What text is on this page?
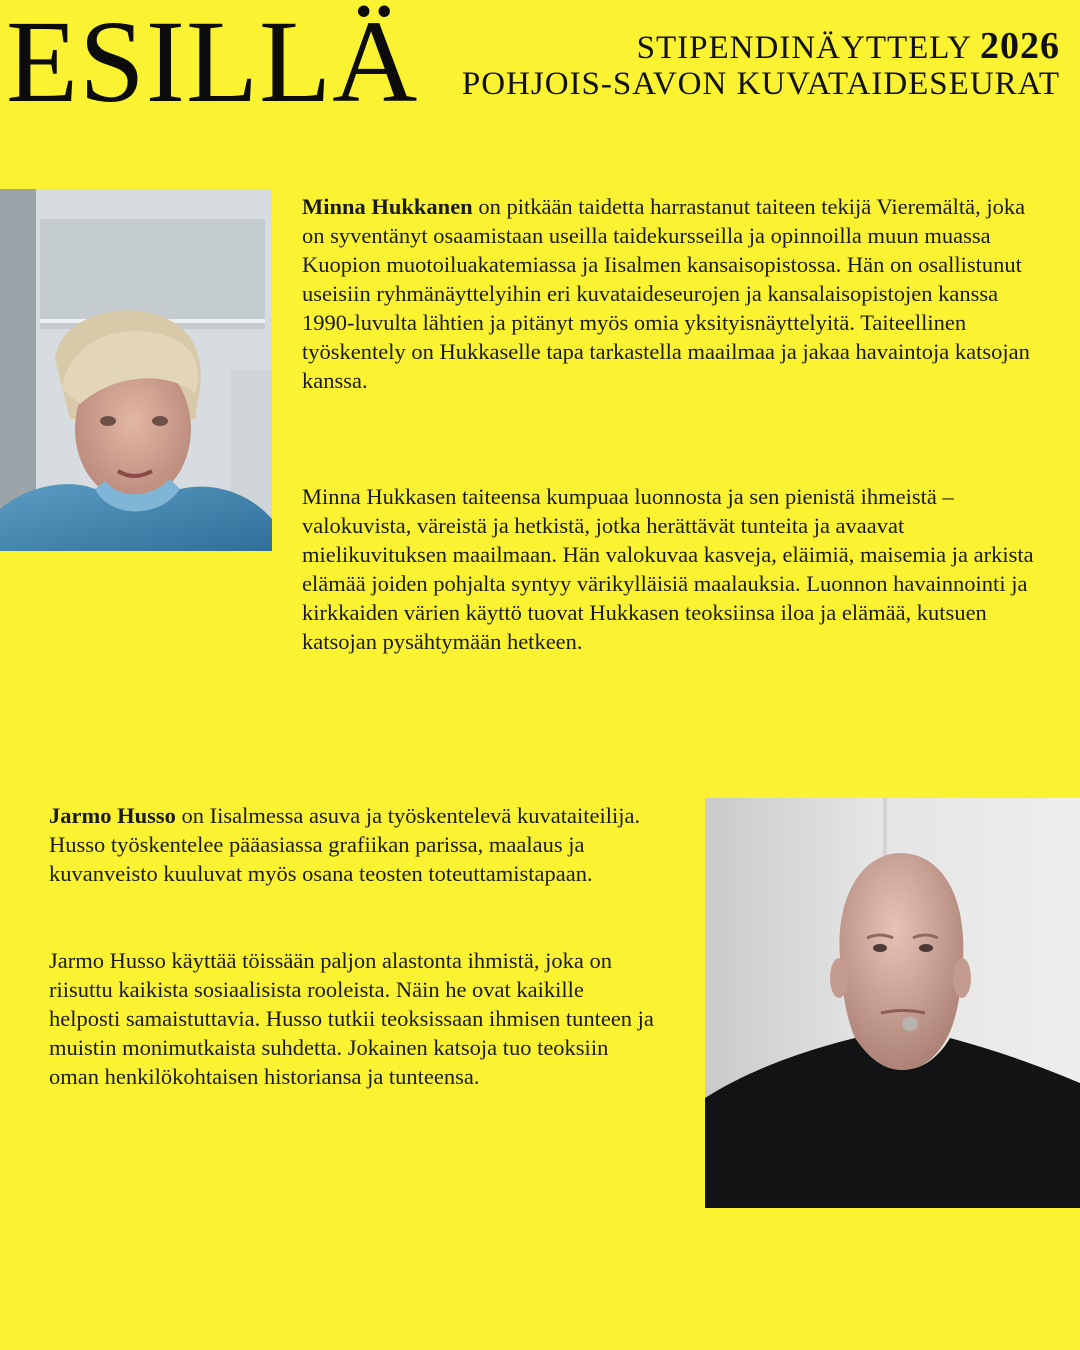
ESILLÄ	STIPENDINÄYTTELY 2026
POHJOIS-SAVON KUVATAIDESEURAT
Minna Hukkanen on pitkään taidetta harrastanut taiteen tekijä Vieremältä, joka on syventänyt osaamistaan useilla taidekursseilla ja opinnoilla muun muassa Kuopion muotoiluakatemiassa ja Iisalmen kansaisopistossa. Hän on osallistunut useisiin ryhmänäyttelyihin eri kuvataideseurojen ja kansalaisopistojen kanssa 1990-luvulta lähtien ja pitänyt myös omia yksityisnäyttelyitä. Taiteellinen työskentely on Hukkaselle tapa tarkastella maailmaa ja jakaa havaintoja katsojan kanssa.
Minna Hukkasen taiteensa kumpuaa luonnosta ja sen pienistä ihmeistä – valokuvista, väreistä ja hetkistä, jotka herättävät tunteita ja avaavat mielikuvituksen maailmaan. Hän valokuvaa kasveja, eläimiä, maisemia ja arkista elämää joiden pohjalta syntyy värikylläisiä maalauksia. Luonnon havainnointi ja kirkkaiden värien käyttö tuovat Hukkasen teoksiinsa iloa ja elämää, kutsuen katsojan pysähtymään hetkeen.
Jarmo Husso on Iisalmessa asuva ja työskentelevä kuvataiteilija. Husso työskentelee pääasiassa grafiikan parissa, maalaus ja kuvanveisto kuuluvat myös osana teosten toteuttamistapaan.
Jarmo Husso käyttää töissään paljon alastonta ihmistä, joka on riisuttu kaikista sosiaalisista rooleista. Näin he ovat kaikille helposti samaistuttavia. Husso tutkii teoksissaan ihmisen tunteen ja muistin monimutkaista suhdetta. Jokainen katsoja tuo teoksiin oman henkilökohtaisen historiansa ja tunteensa.
